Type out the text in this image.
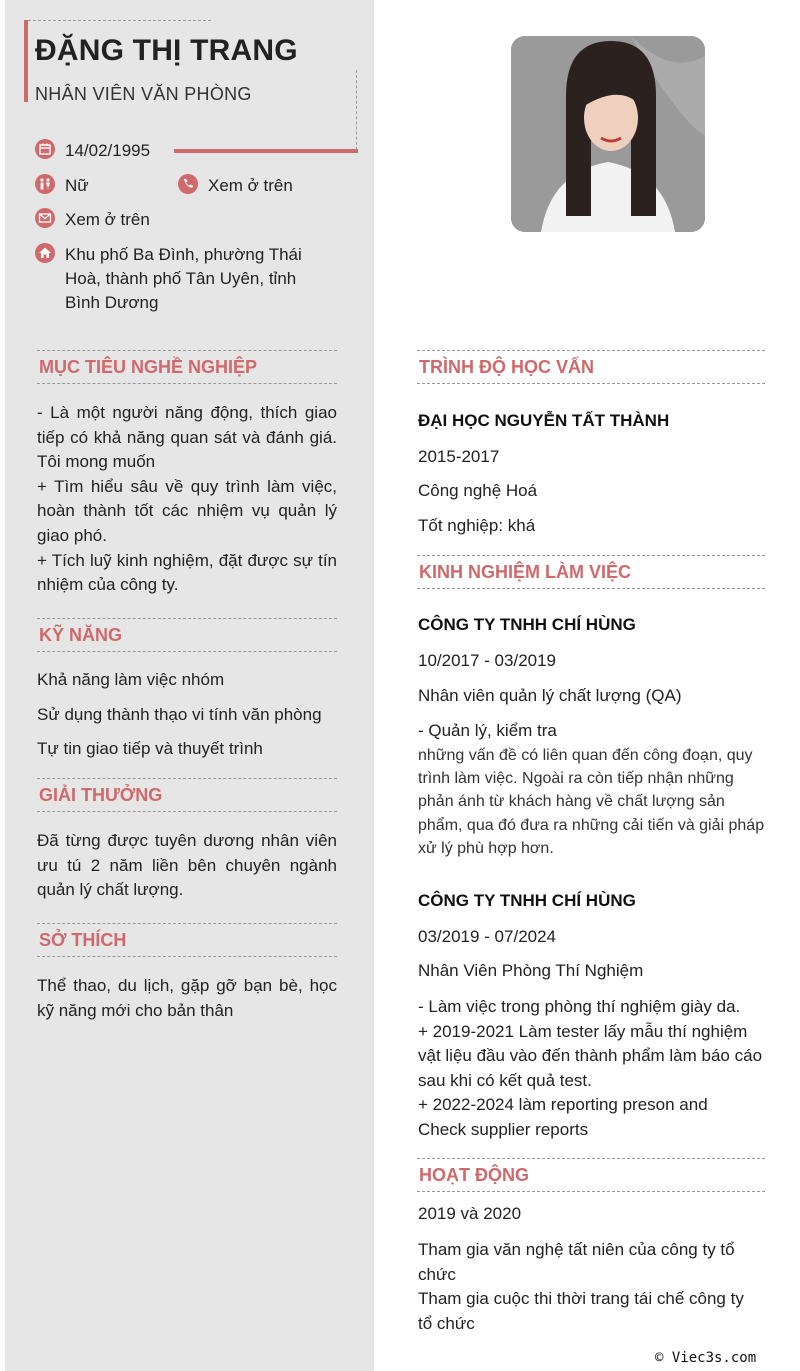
ĐẶNG THỊ TRANG
NHÂN VIÊN VĂN PHÒNG
14/02/1995
Nữ	Xem ở trên
Xem ở trên
Khu phố Ba Đình, phường Thái
Hoà, thành phố Tân Uyên, tỉnh
Bình Dương
MỤC TIÊU NGHỀ NGHIỆP
- Là một người năng động, thích giao tiếp có khả năng quan sát và đánh giá. Tôi mong muốn
+ Tìm hiểu sâu về quy trình làm việc, hoàn thành tốt các nhiệm vụ quản lý giao phó.
+ Tích luỹ kinh nghiệm, đặt được sự tín nhiệm của công ty.
KỸ NĂNG
Khả năng làm việc nhóm
Sử dụng thành thạo vi tính văn phòng
Tự tin giao tiếp và thuyết trình
GIẢI THƯỞNG
Đã từng được tuyên dương nhân viên ưu tú 2 năm liền bên chuyên ngành quản lý chất lượng.
SỞ THÍCH
Thể thao, du lịch, gặp gỡ bạn bè, học kỹ năng mới cho bản thân
TRÌNH ĐỘ HỌC VẤN
ĐẠI HỌC NGUYỄN TẤT THÀNH
2015-2017
Công nghệ Hoá
Tốt nghiệp: khá
KINH NGHIỆM LÀM VIỆC
CÔNG TY TNHH CHÍ HÙNG
10/2017 - 03/2019
Nhân viên quản lý chất lượng (QA)
- Quản lý, kiểm tra
những vấn đề có liên quan đến công đoạn, quy
trình làm việc. Ngoài ra còn tiếp nhận những
phản ánh từ khách hàng về chất lượng sản
phẩm, qua đó đưa ra những cải tiến và giải pháp
xử lý phù hợp hơn.
CÔNG TY TNHH CHÍ HÙNG
03/2019 - 07/2024
Nhân Viên Phòng Thí Nghiệm
- Làm việc trong phòng thí nghiệm giày da.
+ 2019-2021 Làm tester lấy mẫu thí nghiệm
vật liệu đầu vào đến thành phẩm làm báo cáo
sau khi có kết quả test.
+ 2022-2024 làm reporting preson and
Check supplier reports
HOẠT ĐỘNG
2019 và 2020
Tham gia văn nghệ tất niên của công ty tổ
chức
Tham gia cuộc thi thời trang tái chế công ty
tổ chức
© Viec3s.com
